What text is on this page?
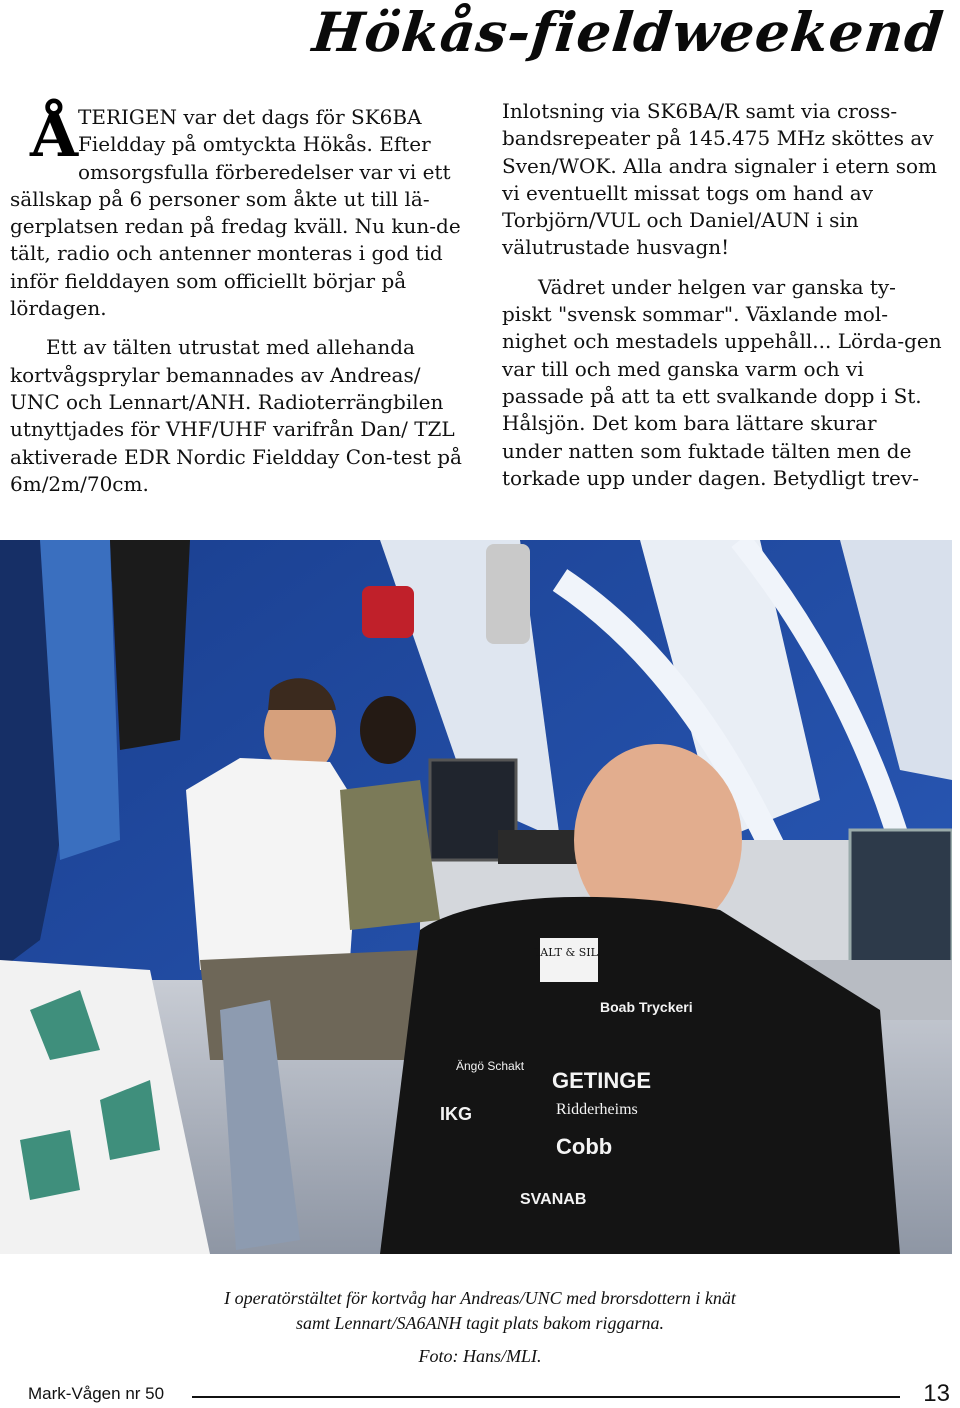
Hökås-fieldweekend
Å TERIGEN var det dags för SK6BA
Fieldday på omtyckta Hökås. Efter
omsorgsfulla förberedelser var vi ett

sällskap på 6 personer som åkte ut till lä-gerplatsen redan på fredag kväll. Nu kun-de tält, radio och antenner monteras i god tid inför fielddayen som officiellt börjar på lördagen.

Ett av tälten utrustat med allehanda kortvågsprylar bemannades av Andreas/ UNC och Lennart/ANH. Radioterrängbilen utnyttjades för VHF/UHF varifrån Dan/ TZL aktiverade EDR Nordic Fieldday Con-test på 6m/2m/70cm.

Inlotsning via SK6BA/R samt via cross-bandsrepeater på 145.475 MHz sköttes av Sven/WOK. Alla andra signaler i etern som vi eventuellt missat togs om hand av Torbjörn/VUL och Daniel/AUN i sin välutrustade husvagn!

Vädret under helgen var ganska ty-piskt "svensk sommar". Växlande mol-nighet och mestadels uppehåll... Lörda-gen var till och med ganska varm och vi passade på att ta ett svalkande dopp i St. Hålsjön. Det kom bara lättare skurar under natten som fuktade tälten men de torkade upp under dagen. Betydligt trev-

SALT & SILL
Boab Tryckeri
GETINGE
Ridderheims
Cobb
SVANAB
IKG
Ängö Schakt
I operatörstältet för kortvåg har Andreas/UNC med brorsdottern i knät
samt Lennart/SA6ANH tagit plats bakom riggarna.
Foto: Hans/MLI.
Mark-Vågen nr 50	13
